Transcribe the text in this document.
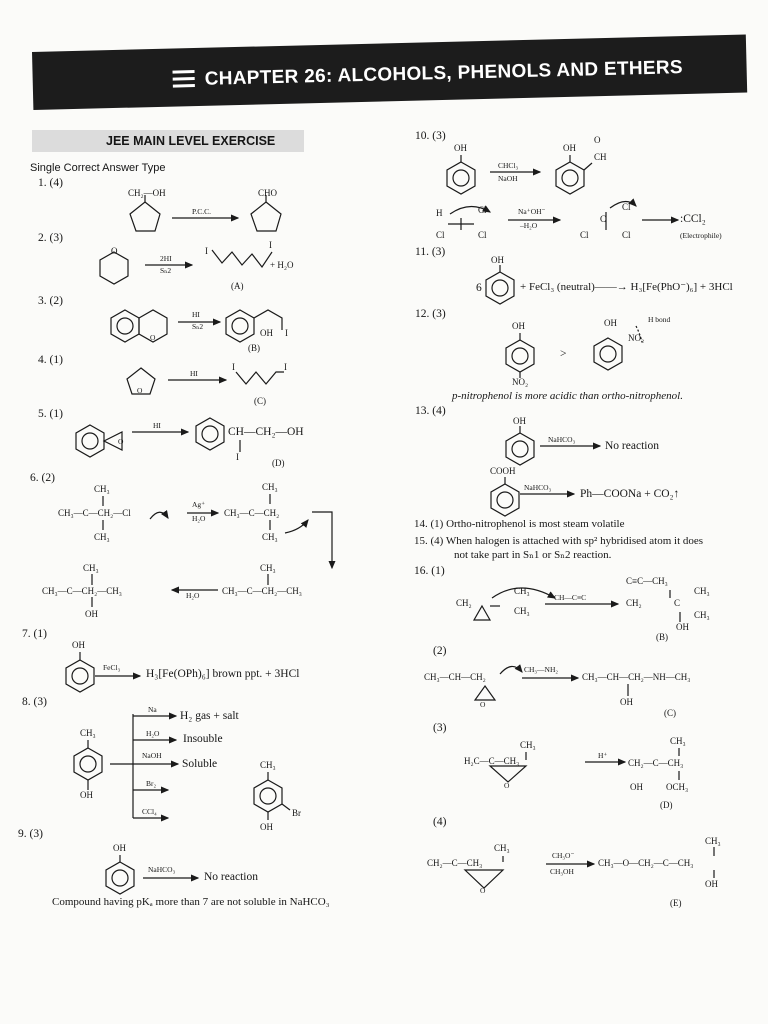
CHAPTER 26: ALCOHOLS, PHENOLS AND ETHERS
JEE MAIN LEVEL EXERCISE
Single Correct Answer Type
1. (4)
CH₂—OH	CHO
P.C.C.
2. (3)
O
2HI
Sₙ2
I
I
+ H₂O
(A)
3. (2)
O
HI
Sₙ2
OH I
(B)
4. (1)
O
HI
I	I
(C)
5. (1)
O
HI
CH—CH₂—OH
I
(D)
6. (2)
CH₃
CH₃—C—CH₂—Cl
CH₃
Ag⁺
H₂O
CH₃
CH₃—C—CH₂
CH₃
CH₃
CH₃—C—CH₂—CH₃
OH
H₂O
CH₃
CH₃—C—CH₂—CH₃
7. (1)
OH
FeCl₃
H₃[Fe(OPh)₆] brown ppt. + 3HCl
8. (3)
CH₃
OH
Na
H₂ gas + salt
H₂O Insouble
NaOH
Soluble
Br₂
CCl₄
CH₃
Br
OH
9. (3)
OH
NaHCO₃
No reaction
Compound having pKₐ more than 7 are not soluble in NaHCO₃
10. (3)
OH
CHCl₃
NaOH
OH
O
CH
H	Cl
Cl	Cl
Na⁺OH⁻
–H₂O
C
Cl
Cl	Cl
:CCl₂
(Electrophile)
11. (3)
OH
6	+ FeCl₃ (neutral)——→ H₃[Fe(PhO⁻)₆] + 3HCl
12. (3)
OH
NO₂
>
OH	H bond
NO₂
p-nitrophenol is more acidic than ortho-nitrophenol.
13. (4)
OH
NaHCO₃
No reaction
COOH
NaHCO₃
Ph—COONa + CO₂↑
14. (1) Ortho-nitrophenol is most steam volatile
15. (4) When halogen is attached with sp² hybridised atom it does
not take part in Sₙ1 or Sₙ2 reaction.
16. (1)
CH₂
CH₃
CH₃
CH—C≡C
C≡C—CH₃
CH₂	C
CH₃
CH₃
OH
(B)
(2)
CH₃—CH—CH₂
O
CH₃—NH₂
CH₃—CH—CH₂—NH—CH₃
OH
(C)
(3)
CH₃
H₂C—C—CH₃
O
H⁺
CH₃
CH₂—C—CH₃
OH	OCH₃
(D)
(4)
CH₃
CH₂—C—CH₃
O
CH₃O⁻
CH₃OH
CH₃
CH₃—O—CH₂—C—CH₃
OH
(E)
